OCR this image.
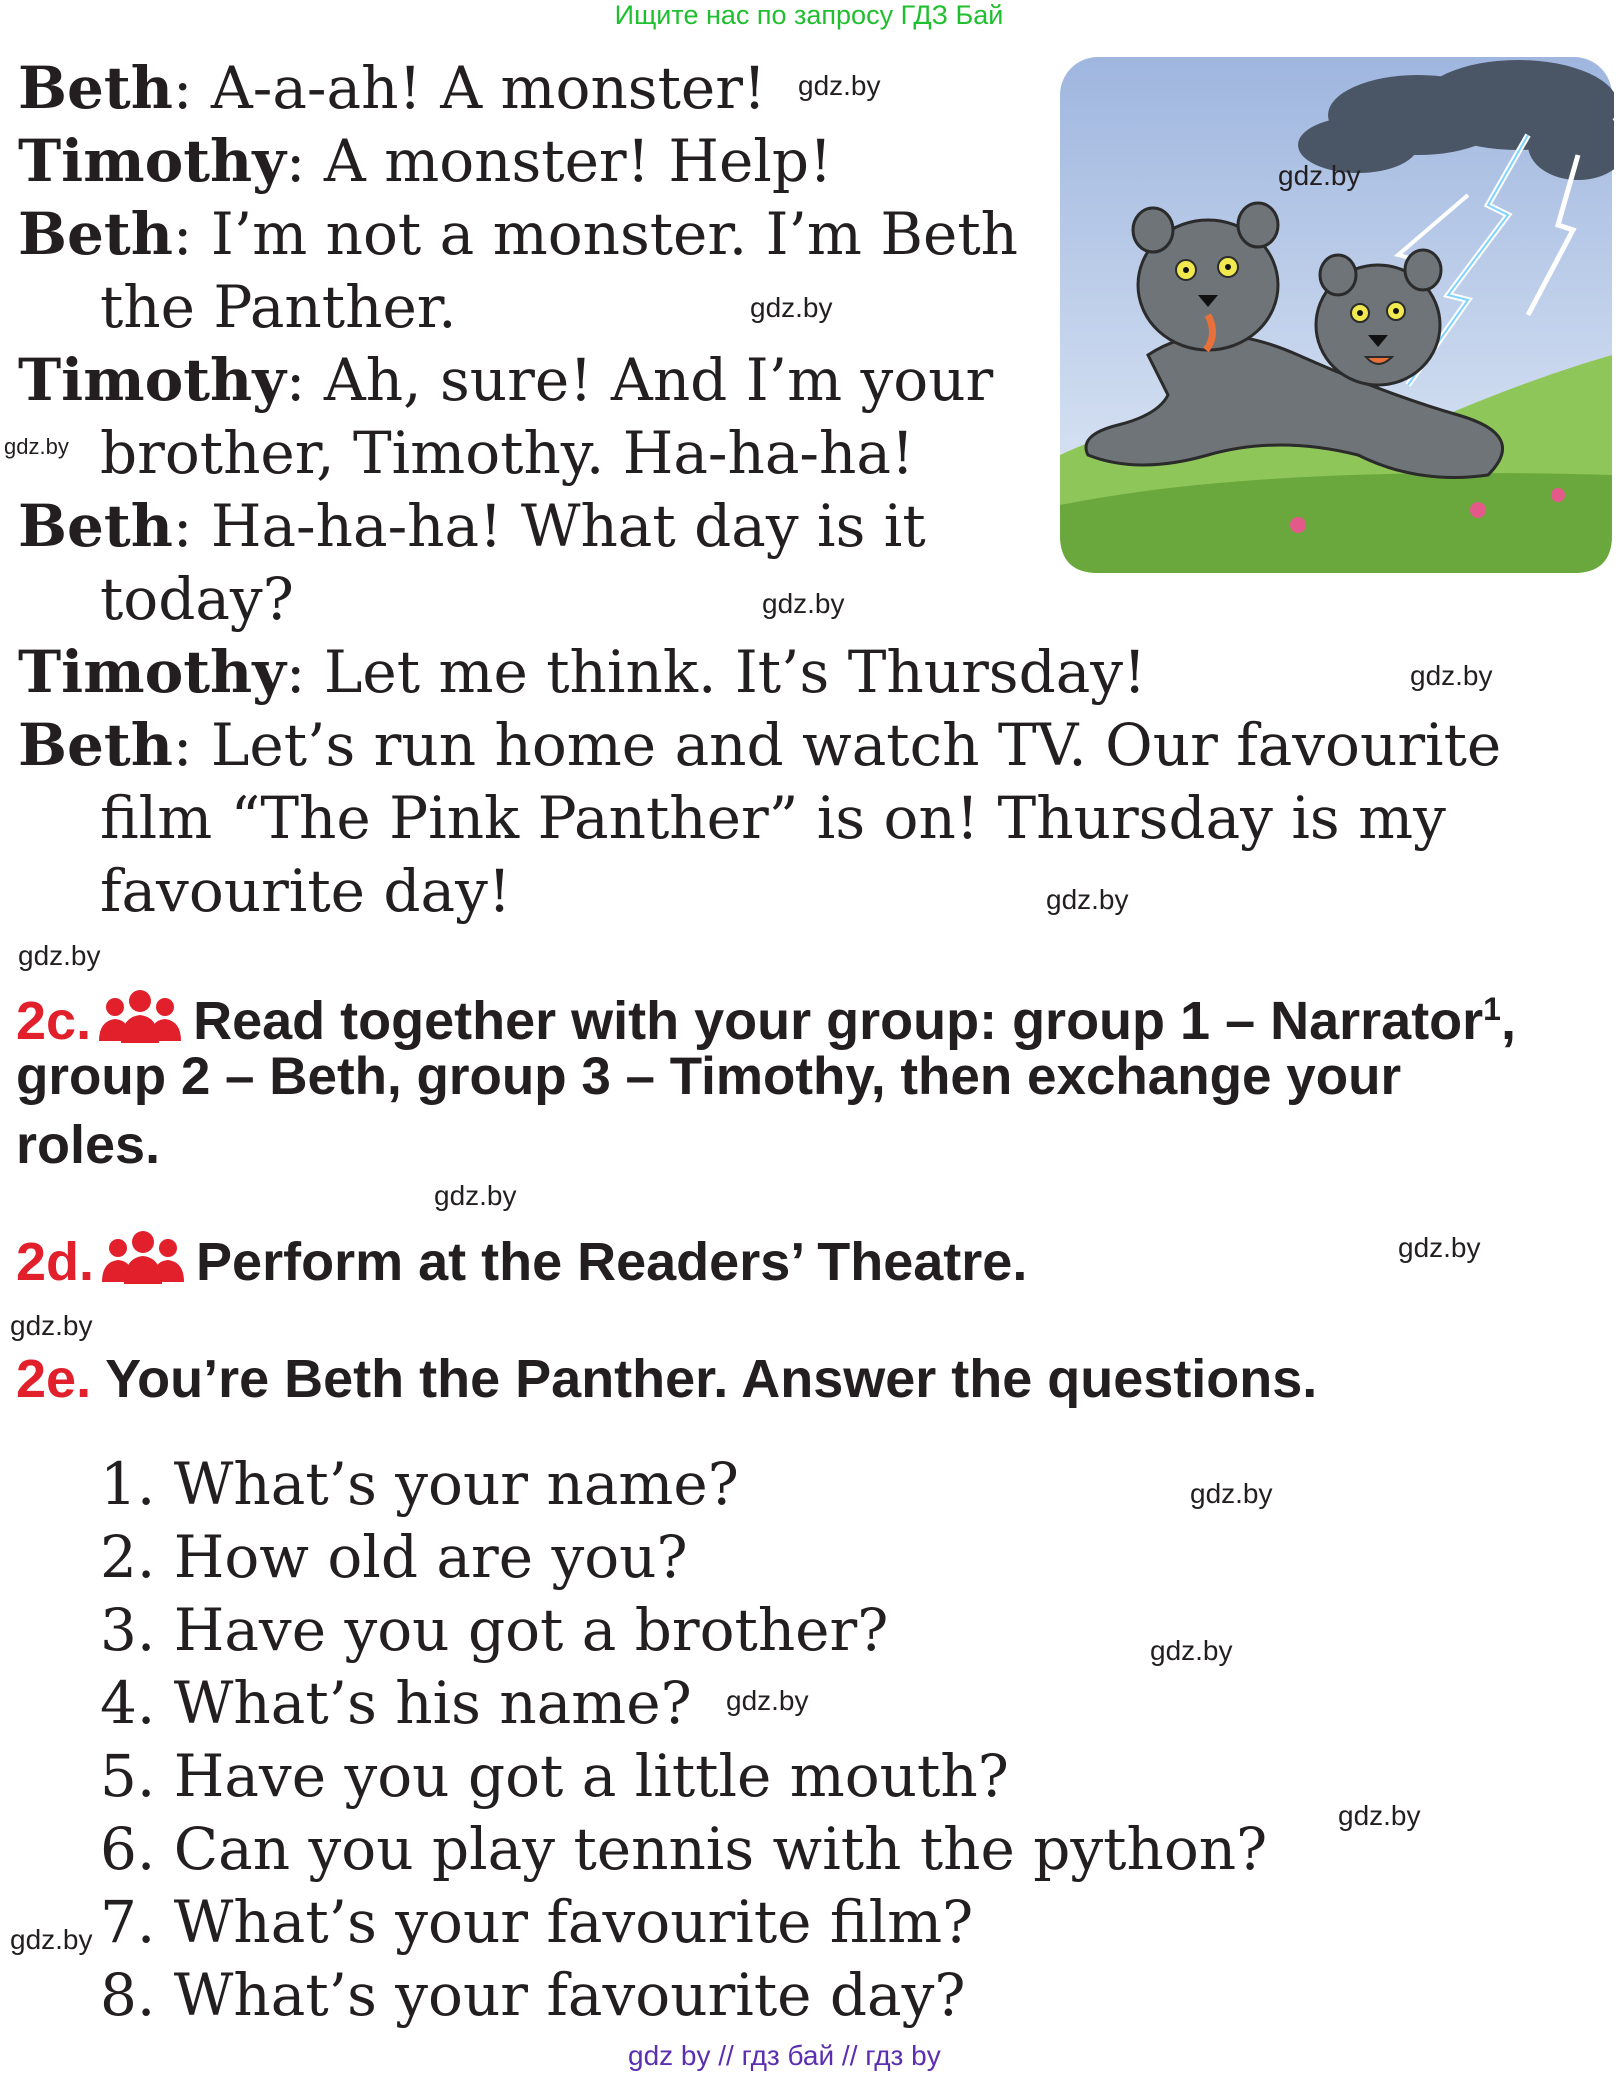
Ищите нас по запросу ГДЗ Бай
Beth: A-a-ah! A monster!
Timothy: A monster! Help!
Beth: I’m not a monster. I’m Beth
the Panther.
Timothy: Ah, sure! And I’m your
brother, Timothy. Ha-ha-ha!
Beth: Ha-ha-ha! What day is it
today?
Timothy: Let me think. It’s Thursday!
Beth: Let’s run home and watch TV. Our favourite
film “The Pink Panther” is on! Thursday is my
favourite day!
2c. Read together with your group: group 1 – Narrator$^1$,
group 2 – Beth, group 3 – Timothy, then exchange your
roles.
2d. Perform at the Readers’ Theatre.
2e. You’re Beth the Panther. Answer the questions.
1. What’s your name?
2. How old are you?
3. Have you got a brother?
4. What’s his name?
5. Have you got a little mouth?
6. Can you play tennis with the python?
7. What’s your favourite film?
8. What’s your favourite day?
gdz.by
gdz.by
gdz.by
gdz.by
gdz.by
gdz.by
gdz.by
gdz.by
gdz.by
gdz.by
gdz.by
gdz.by
gdz.by
gdz.by
gdz.by
gdz.by
gdz by // гдз бай // гдз by
